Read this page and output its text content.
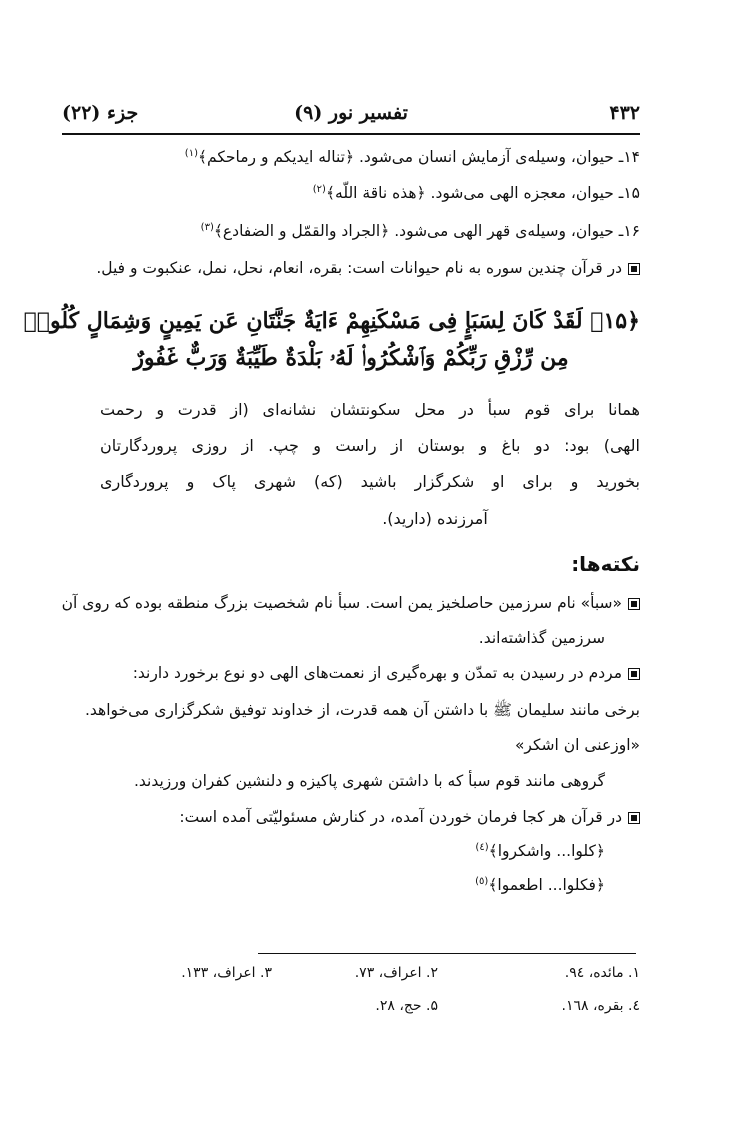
۴۳۲
تفسیر نور (۹)
جزء (۲۲)
۱۴ـ حیوان، وسیله‌ی آزمایش انسان می‌شود. ﴿تناله ایدیکم و رماحکم﴾$^{(۱)}$
۱۵ـ حیوان، معجزه الهی می‌شود. ﴿هذه ناقة اللّه﴾$^{(۲)}$
۱۶ـ حیوان، وسیله‌ی قهر الهی می‌شود. ﴿الجراد والقمّل و الضفادع﴾$^{(۳)}$
در قرآن چندین سوره به نام حیوانات است: بقره، انعام، نحل، نمل، عنکبوت و فیل.
﴿۱۵﴾ لَقَدْ كَانَ لِسَبَإٍ فِى مَسْكَنِهِمْ ءَايَةٌ جَنَّتَانِ عَن يَمِينٍ وَشِمَالٍ كُلُوا۟
مِن رِّزْقِ رَبِّكُمْ وَٱشْكُرُوا۟ لَهُۥ بَلْدَةٌ طَيِّبَةٌ وَرَبٌّ غَفُورٌ
همانا برای قوم سبأ در محل سکونتشان نشانه‌ای (از قدرت و رحمت
الهی) بود: دو باغ و بوستان از راست و چپ. از روزی پروردگارتان
بخورید و برای او شکرگزار باشید (که) شهری پاک و پروردگاری
آمرزنده (دارید).
نکته‌ها:
«سبأ» نام سرزمین حاصلخیز یمن است. سبأ نام شخصیت بزرگ منطقه بوده که روی آن
سرزمین گذاشته‌اند.
مردم در رسیدن به تمدّن و بهره‌گیری از نعمت‌های الهی دو نوع برخورد دارند:
برخی مانند سلیمان ﷺ با داشتن آن همه قدرت، از خداوند توفیق شکرگزاری می‌خواهد.
«اوزعنی ان اشکر»
گروهی مانند قوم سبأ که با داشتن شهری پاکیزه و دلنشین کفران ورزیدند.
در قرآن هر کجا فرمان خوردن آمده، در کنارش مسئولیّتی آمده است:
﴿کلوا... واشکروا﴾$^{(٤)}$
﴿فکلوا... اطعموا﴾$^{(٥)}$
۱. مائده، ۹٤.
۲. اعراف، ۷۳.
۳. اعراف، ۱۳۳.
٤. بقره، ۱٦۸.
۵. حج، ۲۸.
